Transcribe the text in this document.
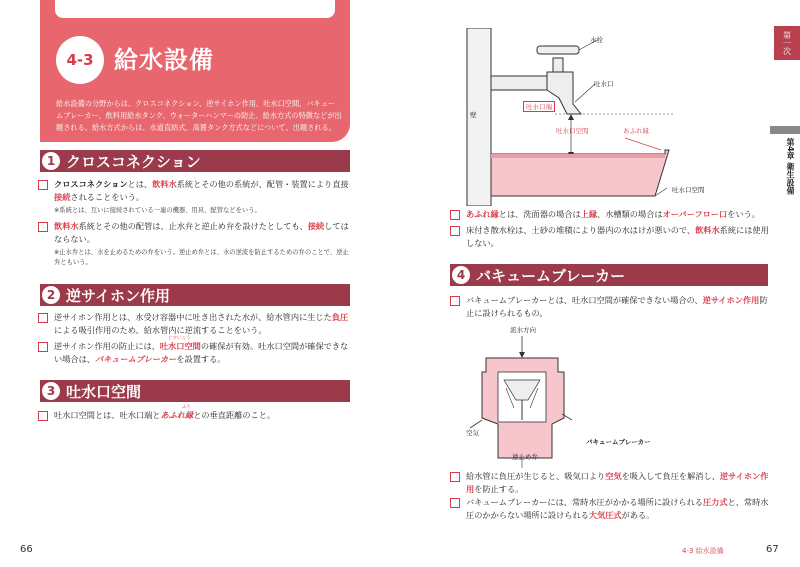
4-3 給水設備
給水設備の分野からは、クロスコネクション、逆サイホン作用、吐水口空間、バキュームブレーカー、飲料用給水タンク、ウォーターハンマーの防止、給水方式の特徴などが出題される。給水方式からは、水道直結式、高置タンク方式などについて、出題される。
1 クロスコネクション
クロスコネクションとは、飲料水系統とその他の系統が、配管・装置により直接接続されることをいう。
※系統とは、互いに接続されている一連の機器、用具、配管などをいう。
飲料水系統とその他の配管は、止水弁と逆止め弁を設けたとしても、接続してはならない。
※止水弁とは、水を止めるための弁をいう。逆止め弁とは、水の逆流を防止するための弁のことで、逆止弁ともいう。
2 逆サイホン作用
逆サイホン作用とは、水受け容器中に吐き出された水が、給水管内に生じた負圧による吸引作用のため、給水管内に逆流することをいう。
とすいこう
逆サイホン作用の防止には、吐水口空間の確保が有効。吐水口空間が確保できない場合は、バキュームブレーカーを設置する。
3 吐水口空間
ふち
吐水口空間とは、吐水口端とあふれ縁との垂直距離のこと。
66
水栓
吐水口
吐水口端
吐水口空間	あふれ縁
壁
吐水口空間
あふれ縁とは、洗面器の場合は上縁、水槽類の場合はオーバーフロー口をいう。
床付き散水栓は、土砂の堆積により器内の水はけが悪いので、飲料水系統には使用しない。
4 バキュームブレーカー
バキュームブレーカーとは、吐水口空間が確保できない場合の、逆サイホン作用防止に設けられるもの。
流水方向
空気
バキュームブレーカー
逆止め弁
給水管に負圧が生じると、吸気口より空気を吸入して負圧を解消し、逆サイホン作用を防止する。
バキュームブレーカーには、常時水圧がかかる場所に設けられる圧力式と、常時水圧のかからない場所に設けられる大気圧式がある。
4-3 給水設備	67
第一次
第4章 衛生設備
